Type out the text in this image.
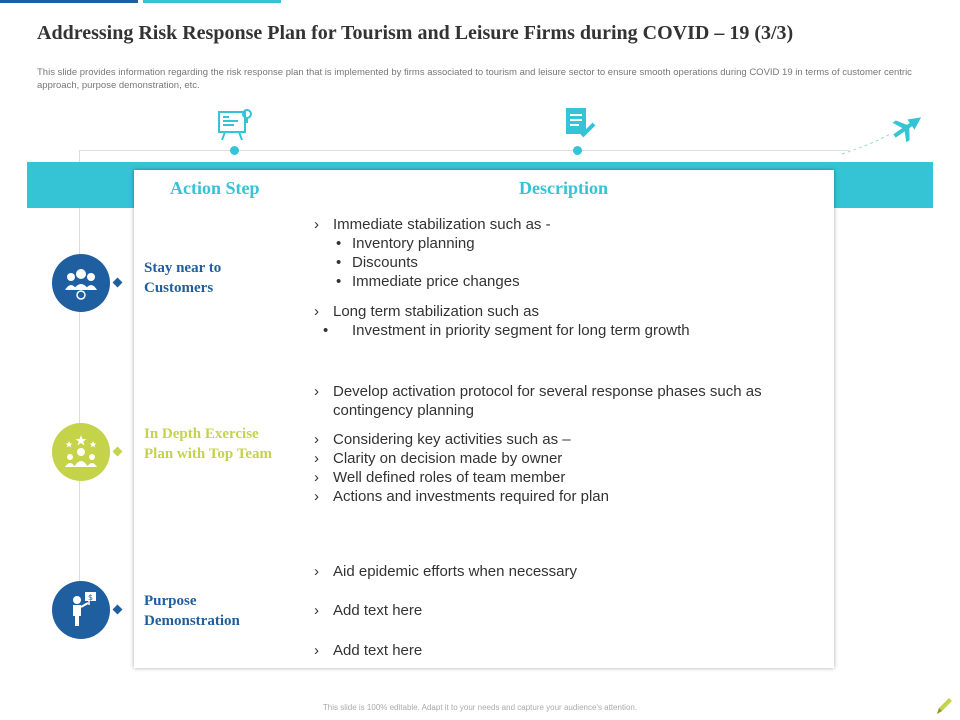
Addressing Risk Response Plan for Tourism and Leisure Firms during COVID – 19 (3/3)
This slide provides information regarding the risk response plan that is implemented by firms associated to tourism and leisure sector to ensure smooth operations during COVID 19 in terms of customer centric approach, purpose demonstration, etc.
Action Step	Description
Stay near to
Customers
› Immediate stabilization such as -
• Inventory planning
• Discounts
• Immediate price changes
› Long term stabilization such as
• Investment in priority segment for long term growth
In Depth Exercise
Plan with Top Team
› Develop activation protocol for several response phases such as
contingency planning
› Considering key activities such as –
› Clarity on decision made by owner
› Well defined roles of team member
› Actions and investments required for plan
$	Purpose
Demonstration
› Aid epidemic efforts when necessary
› Add text here
› Add text here
This slide is 100% editable. Adapt it to your needs and capture your audience's attention.
